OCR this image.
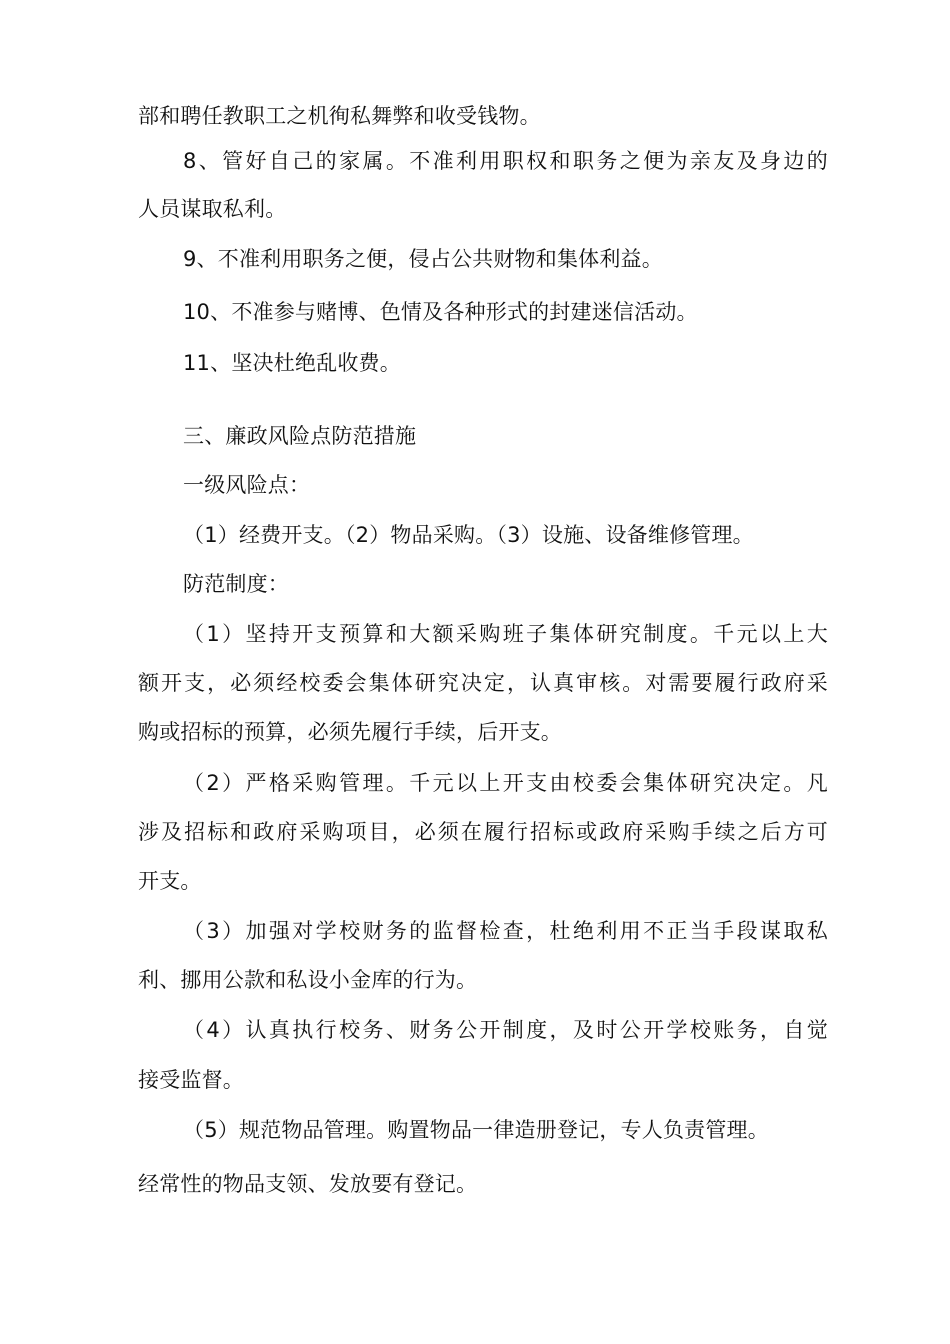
部和聘任教职工之机徇私舞弊和收受钱物。
8、管好自己的家属。不准利用职权和职务之便为亲友及身边的
人员谋取私利。
9、不准利用职务之便，侵占公共财物和集体利益。
10、不准参与赌博、色情及各种形式的封建迷信活动。
11、坚决杜绝乱收费。
三、廉政风险点防范措施
一级风险点：
（1）经费开支。（2）物品采购。（3）设施、设备维修管理。
防范制度：
（1）坚持开支预算和大额采购班子集体研究制度。千元以上大
额开支，必须经校委会集体研究决定，认真审核。对需要履行政府采
购或招标的预算，必须先履行手续，后开支。
（2）严格采购管理。千元以上开支由校委会集体研究决定。凡
涉及招标和政府采购项目，必须在履行招标或政府采购手续之后方可
开支。
（3）加强对学校财务的监督检查，杜绝利用不正当手段谋取私
利、挪用公款和私设小金库的行为。
（4）认真执行校务、财务公开制度，及时公开学校账务，自觉
接受监督。
（5）规范物品管理。购置物品一律造册登记，专人负责管理。
经常性的物品支领、发放要有登记。
